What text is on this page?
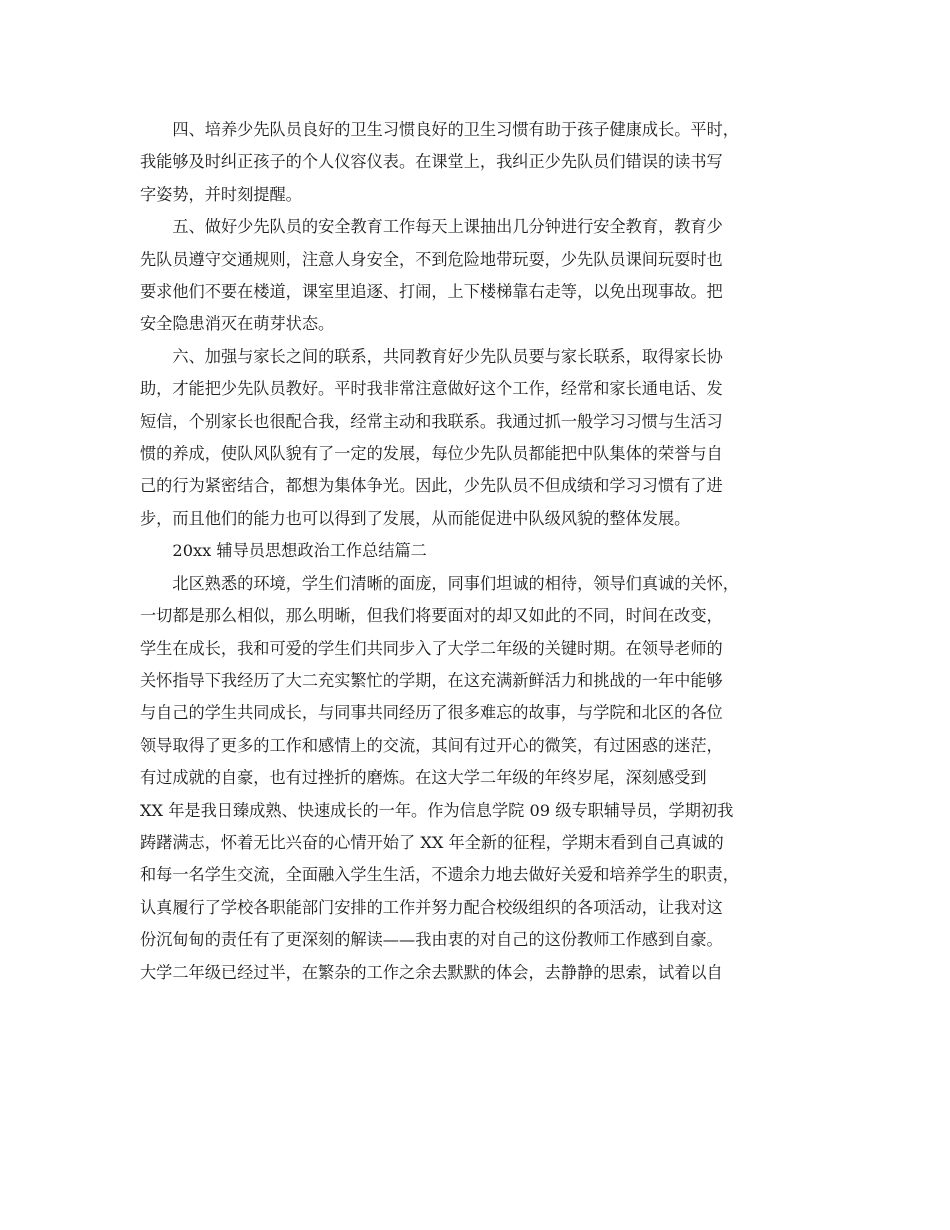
四、培养少先队员良好的卫生习惯良好的卫生习惯有助于孩子健康成长。平时，
我能够及时纠正孩子的个人仪容仪表。在课堂上，我纠正少先队员们错误的读书写
字姿势，并时刻提醒。
五、做好少先队员的安全教育工作每天上课抽出几分钟进行安全教育，教育少
先队员遵守交通规则，注意人身安全，不到危险地带玩耍，少先队员课间玩耍时也
要求他们不要在楼道，课室里追逐、打闹，上下楼梯靠右走等，以免出现事故。把
安全隐患消灭在萌芽状态。
六、加强与家长之间的联系，共同教育好少先队员要与家长联系，取得家长协
助，才能把少先队员教好。平时我非常注意做好这个工作，经常和家长通电话、发
短信，个别家长也很配合我，经常主动和我联系。我通过抓一般学习习惯与生活习
惯的养成，使队风队貌有了一定的发展，每位少先队员都能把中队集体的荣誉与自
己的行为紧密结合，都想为集体争光。因此，少先队员不但成绩和学习习惯有了进
步，而且他们的能力也可以得到了发展，从而能促进中队级风貌的整体发展。
20xx 辅导员思想政治工作总结篇二
北区熟悉的环境，学生们清晰的面庞，同事们坦诚的相待，领导们真诚的关怀，
一切都是那么相似，那么明晰，但我们将要面对的却又如此的不同，时间在改变，
学生在成长，我和可爱的学生们共同步入了大学二年级的关键时期。在领导老师的
关怀指导下我经历了大二充实繁忙的学期，在这充满新鲜活力和挑战的一年中能够
与自己的学生共同成长，与同事共同经历了很多难忘的故事，与学院和北区的各位
领导取得了更多的工作和感情上的交流，其间有过开心的微笑，有过困惑的迷茫，
有过成就的自豪，也有过挫折的磨炼。在这大学二年级的年终岁尾，深刻感受到
XX 年是我日臻成熟、快速成长的一年。作为信息学院 09 级专职辅导员，学期初我
踌躇满志，怀着无比兴奋的心情开始了 XX 年全新的征程，学期末看到自己真诚的
和每一名学生交流，全面融入学生生活，不遗余力地去做好关爱和培养学生的职责，
认真履行了学校各职能部门安排的工作并努力配合校级组织的各项活动，让我对这
份沉甸甸的责任有了更深刻的解读——我由衷的对自己的这份教师工作感到自豪。
大学二年级已经过半，在繁杂的工作之余去默默的体会，去静静的思索，试着以自
